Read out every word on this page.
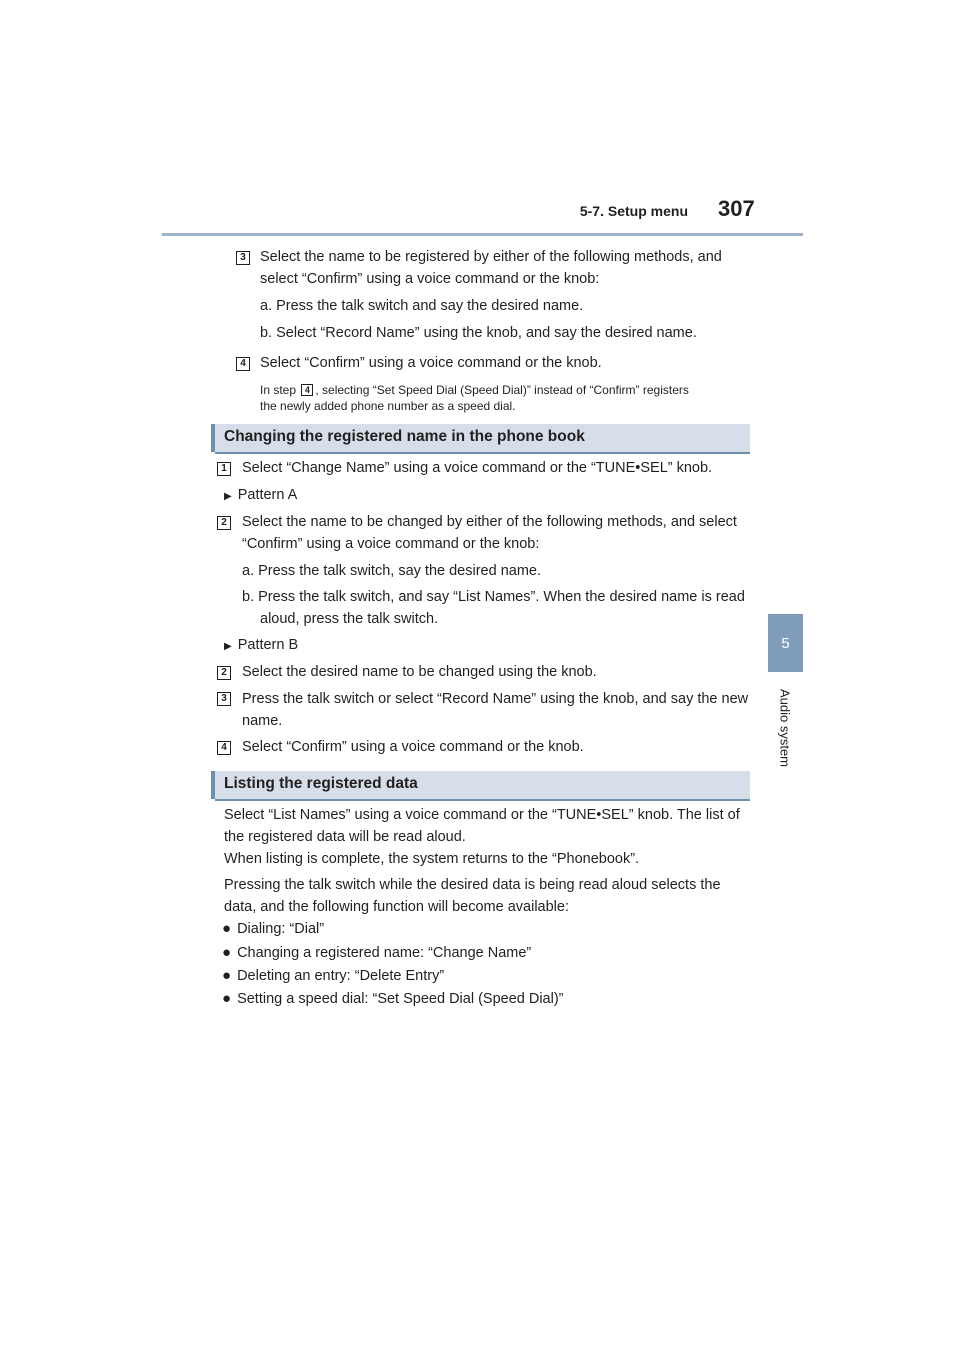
5-7. Setup menu 307
5
Audio system
3 Select the name to be registered by either of the following methods, and
select “Confirm” using a voice command or the knob:
a. Press the talk switch and say the desired name.
b. Select “Record Name” using the knob, and say the desired name.
4 Select “Confirm” using a voice command or the knob.
In step 4 , selecting “Set Speed Dial (Speed Dial)” instead of “Confirm” registers
the newly added phone number as a speed dial.
Changing the registered name in the phone book
1 Select “Change Name” using a voice command or the “TUNE•SEL” knob.
▶ Pattern A
2 Select the name to be changed by either of the following methods, and select
“Confirm” using a voice command or the knob:
a. Press the talk switch, say the desired name.
b. Press the talk switch, and say “List Names”. When the desired name is read
aloud, press the talk switch.
▶ Pattern B
2 Select the desired name to be changed using the knob.
3 Press the talk switch or select “Record Name” using the knob, and say the new
name.
4 Select “Confirm” using a voice command or the knob.
Listing the registered data
Select “List Names” using a voice command or the “TUNE•SEL” knob. The list of
the registered data will be read aloud.
When listing is complete, the system returns to the “Phonebook”.
Pressing the talk switch while the desired data is being read aloud selects the
data, and the following function will become available:
● Dialing: “Dial”
● Changing a registered name: “Change Name”
● Deleting an entry: “Delete Entry”
● Setting a speed dial: “Set Speed Dial (Speed Dial)”
